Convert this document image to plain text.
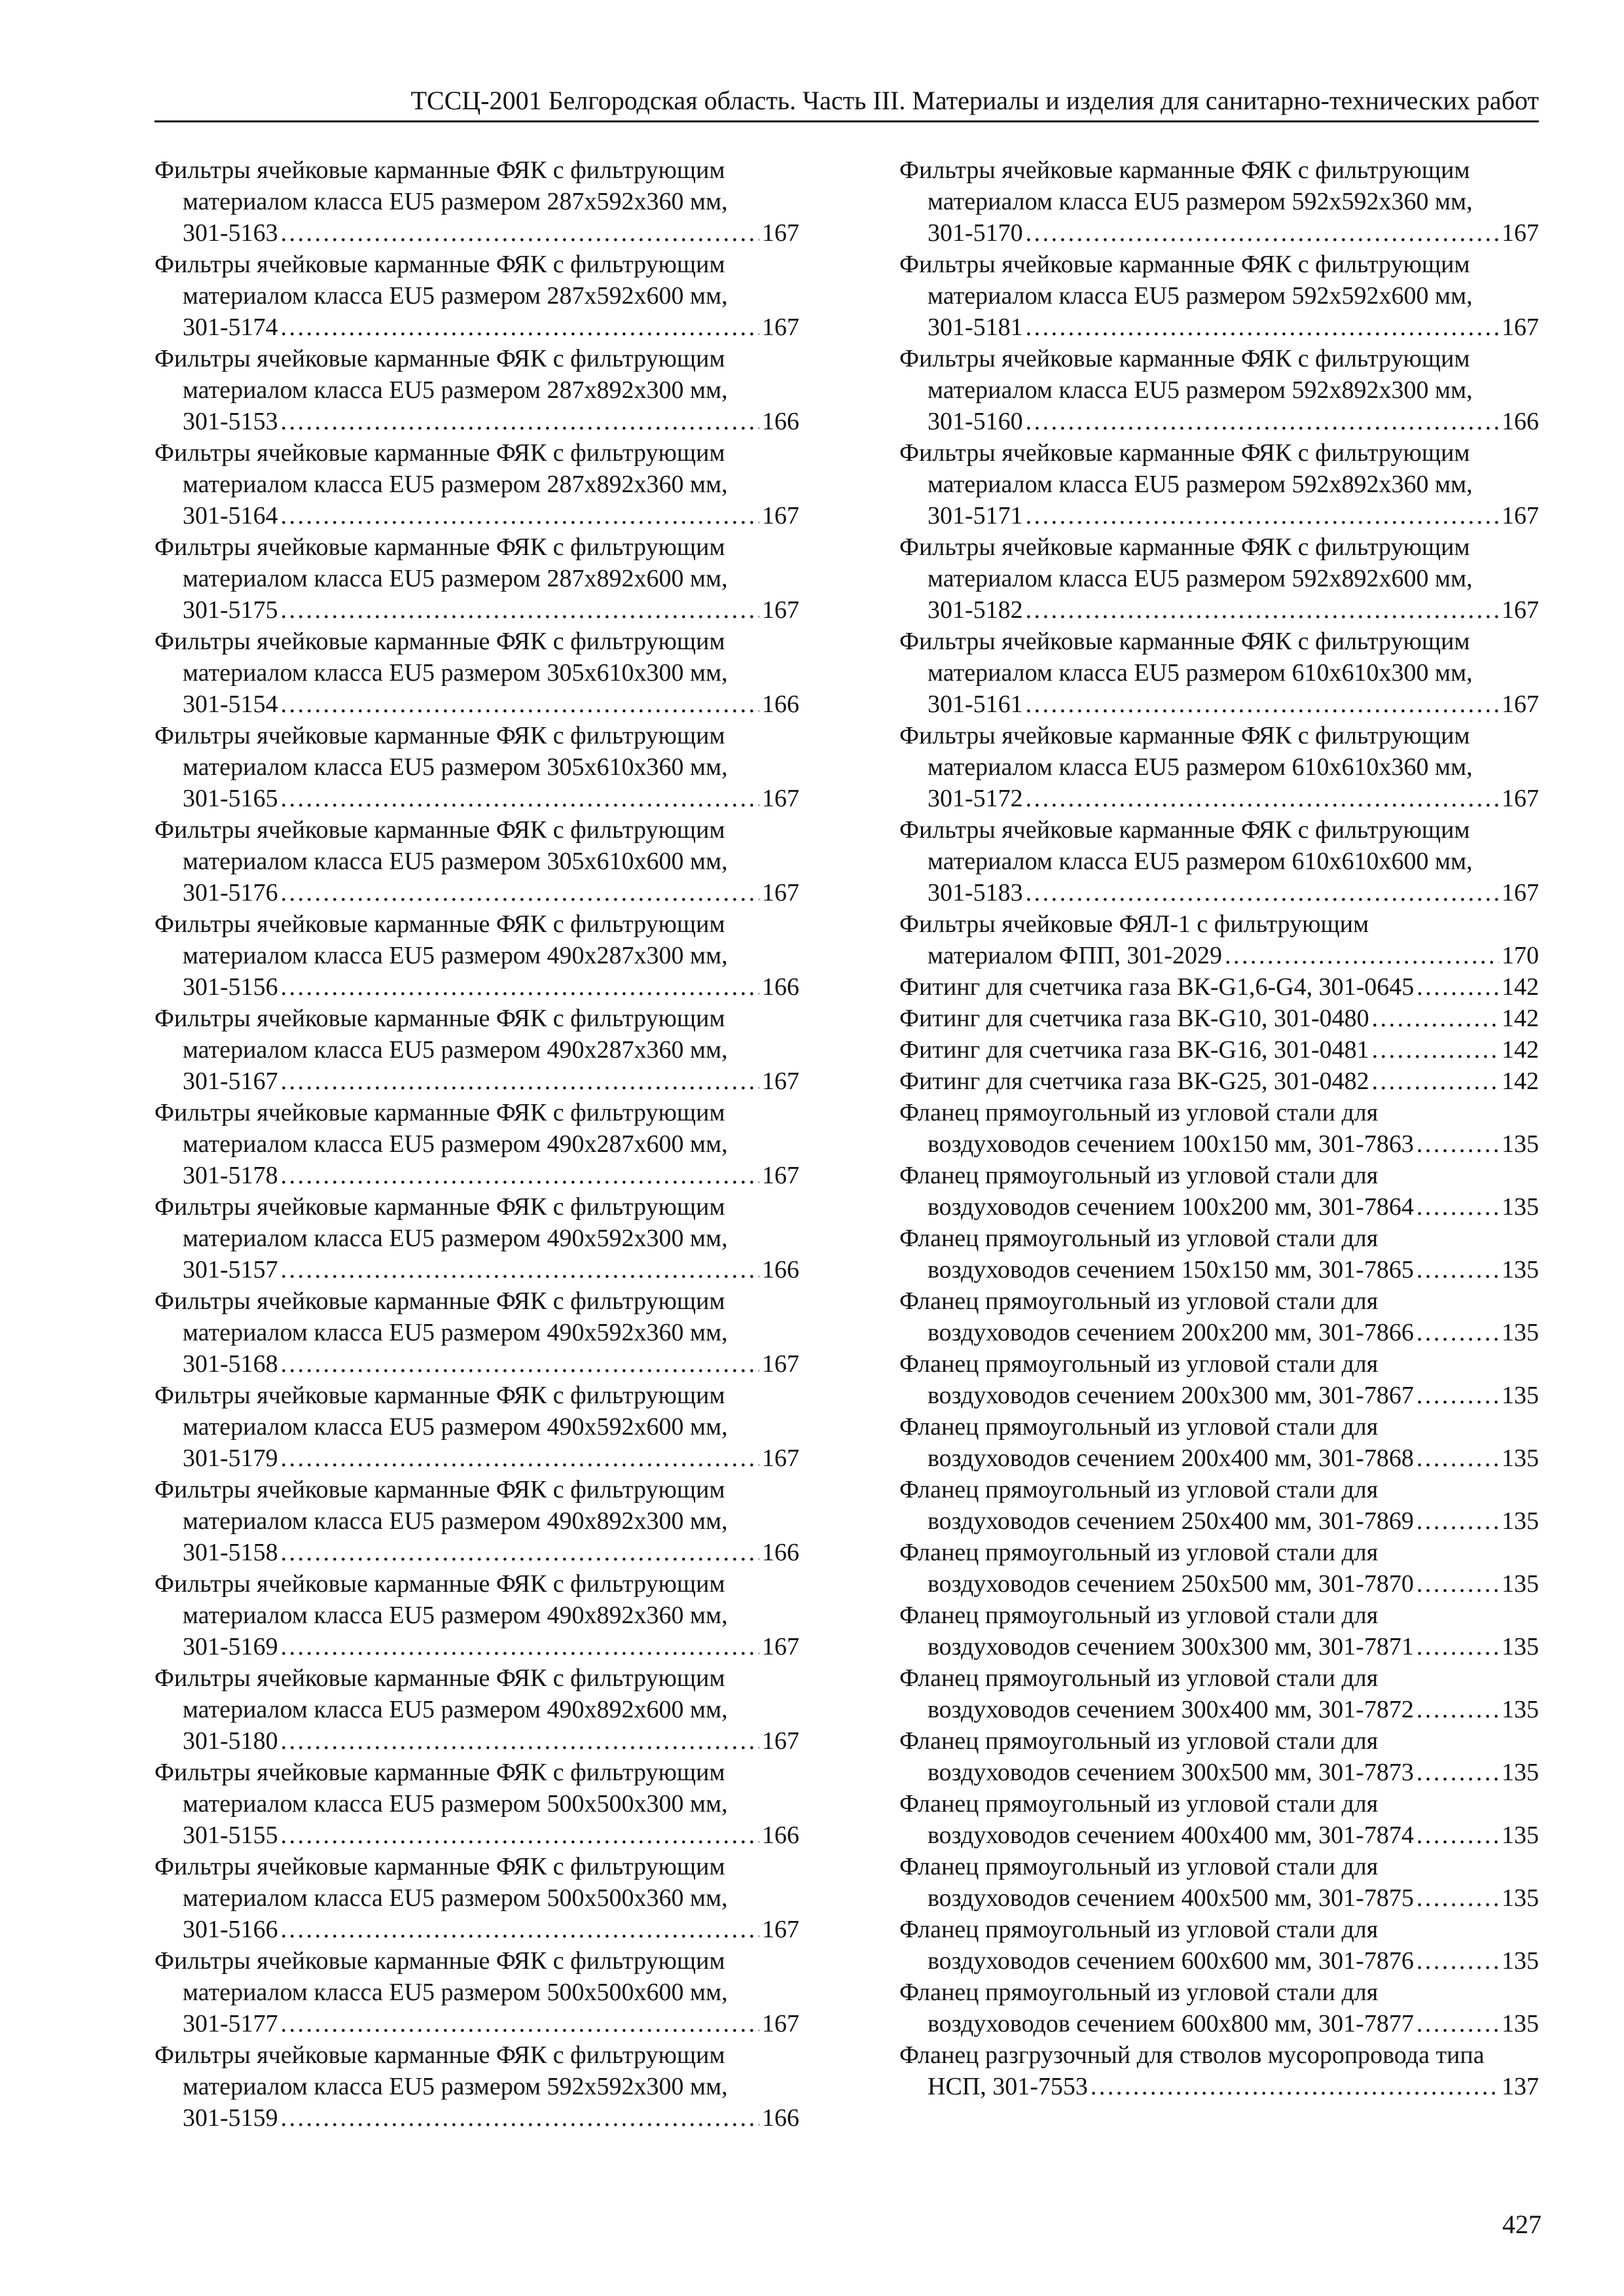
ТССЦ-2001 Белгородская область. Часть III. Материалы и изделия для санитарно-технических работ
Фильтры ячейковые карманные ФЯК с фильтрующим
материалом класса EU5 размером 287x592x360 мм,
301-5163 . . .	167
Фильтры ячейковые карманные ФЯК с фильтрующим
материалом класса EU5 размером 287x592x600 мм,
301-5174 . . .	167
Фильтры ячейковые карманные ФЯК с фильтрующим
материалом класса EU5 размером 287x892x300 мм,
301-5153 . . .	166
Фильтры ячейковые карманные ФЯК с фильтрующим
материалом класса EU5 размером 287x892x360 мм,
301-5164 . . .	167
Фильтры ячейковые карманные ФЯК с фильтрующим
материалом класса EU5 размером 287x892x600 мм,
301-5175 . . .	167
Фильтры ячейковые карманные ФЯК с фильтрующим
материалом класса EU5 размером 305x610x300 мм,
301-5154 . . .	166
Фильтры ячейковые карманные ФЯК с фильтрующим
материалом класса EU5 размером 305x610x360 мм,
301-5165 . . .	167
Фильтры ячейковые карманные ФЯК с фильтрующим
материалом класса EU5 размером 305x610x600 мм,
301-5176 . . .	167
Фильтры ячейковые карманные ФЯК с фильтрующим
материалом класса EU5 размером 490x287x300 мм,
301-5156 . . .	166
Фильтры ячейковые карманные ФЯК с фильтрующим
материалом класса EU5 размером 490x287x360 мм,
301-5167 . . .	167
Фильтры ячейковые карманные ФЯК с фильтрующим
материалом класса EU5 размером 490x287x600 мм,
301-5178 . . .	167
Фильтры ячейковые карманные ФЯК с фильтрующим
материалом класса EU5 размером 490x592x300 мм,
301-5157 . . .	166
Фильтры ячейковые карманные ФЯК с фильтрующим
материалом класса EU5 размером 490x592x360 мм,
301-5168 . . .	167
Фильтры ячейковые карманные ФЯК с фильтрующим
материалом класса EU5 размером 490x592x600 мм,
301-5179 . . .	167
Фильтры ячейковые карманные ФЯК с фильтрующим
материалом класса EU5 размером 490x892x300 мм,
301-5158 . . .	166
Фильтры ячейковые карманные ФЯК с фильтрующим
материалом класса EU5 размером 490x892x360 мм,
301-5169 . . .	167
Фильтры ячейковые карманные ФЯК с фильтрующим
материалом класса EU5 размером 490x892x600 мм,
301-5180 . . .	167
Фильтры ячейковые карманные ФЯК с фильтрующим
материалом класса EU5 размером 500x500x300 мм,
301-5155 . . .	166
Фильтры ячейковые карманные ФЯК с фильтрующим
материалом класса EU5 размером 500x500x360 мм,
301-5166 . . .	167
Фильтры ячейковые карманные ФЯК с фильтрующим
материалом класса EU5 размером 500x500x600 мм,
301-5177 . . .	167
Фильтры ячейковые карманные ФЯК с фильтрующим
материалом класса EU5 размером 592x592x300 мм,
301-5159 . . .	166
Фильтры ячейковые карманные ФЯК с фильтрующим
материалом класса EU5 размером 592x592x360 мм,
301-5170 . . .	167
Фильтры ячейковые карманные ФЯК с фильтрующим
материалом класса EU5 размером 592x592x600 мм,
301-5181 . . .	167
Фильтры ячейковые карманные ФЯК с фильтрующим
материалом класса EU5 размером 592x892x300 мм,
301-5160 . . .	166
Фильтры ячейковые карманные ФЯК с фильтрующим
материалом класса EU5 размером 592x892x360 мм,
301-5171 . . .	167
Фильтры ячейковые карманные ФЯК с фильтрующим
материалом класса EU5 размером 592x892x600 мм,
301-5182 . . .	167
Фильтры ячейковые карманные ФЯК с фильтрующим
материалом класса EU5 размером 610x610x300 мм,
301-5161 . . .	167
Фильтры ячейковые карманные ФЯК с фильтрующим
материалом класса EU5 размером 610x610x360 мм,
301-5172 . . .	167
Фильтры ячейковые карманные ФЯК с фильтрующим
материалом класса EU5 размером 610x610x600 мм,
301-5183 . . .	167
Фильтры ячейковые ФЯЛ-1 с фильтрующим
материалом ФПП, 301-2029 . . .	170
Фитинг для счетчика газа ВК-G1,6-G4, 301-0645 . . .	142
Фитинг для счетчика газа ВК-G10, 301-0480 . . .	142
Фитинг для счетчика газа ВК-G16, 301-0481 . . .	142
Фитинг для счетчика газа ВК-G25, 301-0482 . . .	142
Фланец прямоугольный из угловой стали для
воздуховодов сечением 100x150 мм, 301-7863 . . .	135
Фланец прямоугольный из угловой стали для
воздуховодов сечением 100x200 мм, 301-7864 . . .	135
Фланец прямоугольный из угловой стали для
воздуховодов сечением 150x150 мм, 301-7865 . . .	135
Фланец прямоугольный из угловой стали для
воздуховодов сечением 200x200 мм, 301-7866 . . .	135
Фланец прямоугольный из угловой стали для
воздуховодов сечением 200x300 мм, 301-7867 . . .	135
Фланец прямоугольный из угловой стали для
воздуховодов сечением 200x400 мм, 301-7868 . . .	135
Фланец прямоугольный из угловой стали для
воздуховодов сечением 250x400 мм, 301-7869 . . .	135
Фланец прямоугольный из угловой стали для
воздуховодов сечением 250x500 мм, 301-7870 . . .	135
Фланец прямоугольный из угловой стали для
воздуховодов сечением 300x300 мм, 301-7871 . . .	135
Фланец прямоугольный из угловой стали для
воздуховодов сечением 300x400 мм, 301-7872 . . .	135
Фланец прямоугольный из угловой стали для
воздуховодов сечением 300x500 мм, 301-7873 . . .	135
Фланец прямоугольный из угловой стали для
воздуховодов сечением 400x400 мм, 301-7874 . . .	135
Фланец прямоугольный из угловой стали для
воздуховодов сечением 400x500 мм, 301-7875 . . .	135
Фланец прямоугольный из угловой стали для
воздуховодов сечением 600x600 мм, 301-7876 . . .	135
Фланец прямоугольный из угловой стали для
воздуховодов сечением 600x800 мм, 301-7877 . . .	135
Фланец разгрузочный для стволов мусоропровода типа
НСП, 301-7553 . . .	137
427
